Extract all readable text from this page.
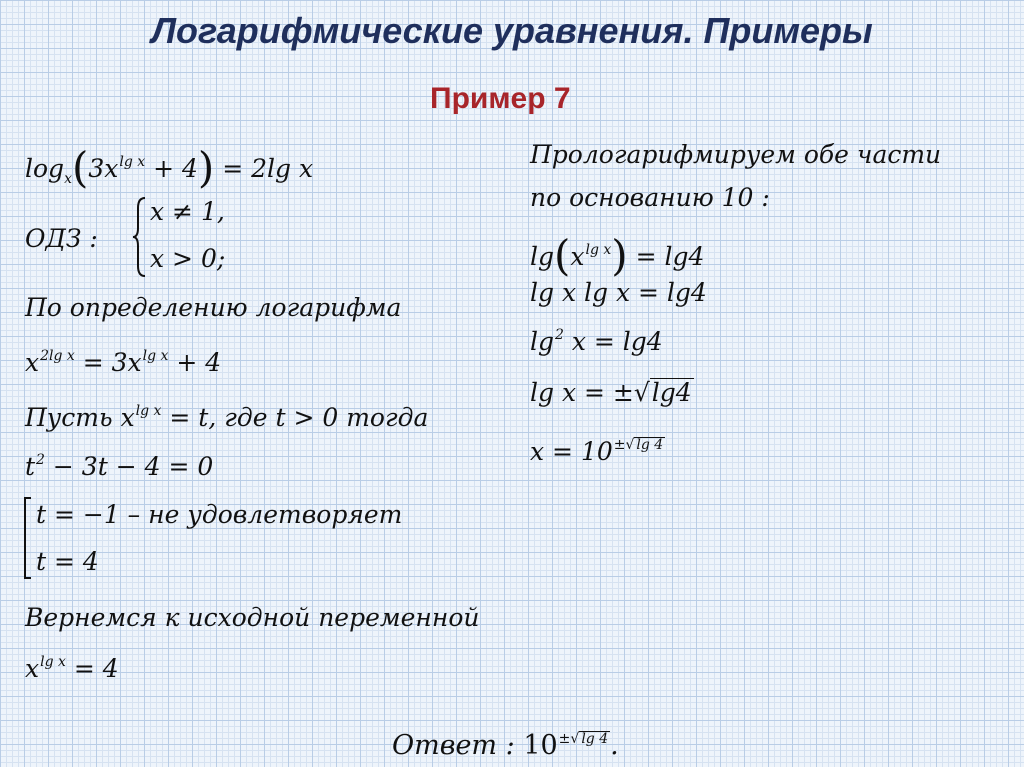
Логарифмические уравнения. Примеры
Пример 7
$\log_x(3x^{lg x} + 4) = 2\lg$ x
ОДЗ :
x ≠ 1,
x > 0;
По определению логарифма
$x^{2lg x} = 3x^{lg x} + 4$
Пусть $x^{lg x} = t$, где t > 0 тогда
$t^2 - 3t - 4 = 0$
t = −1 – не удовлетворяет
t = 4
Вернемся к исходной переменной
$x^{lg x} = 4$
Прологарифмируем обе части
по основанию 10 :
$\lg(x^{lg x}) = \lg 4$
lg x lg x = lg4
$\lg^2 x = \lg 4$
lg x = ±√lg4
$x = 10^{\pm√ lg 4}$
Ответ : $10^{\pm√ lg 4}$.
